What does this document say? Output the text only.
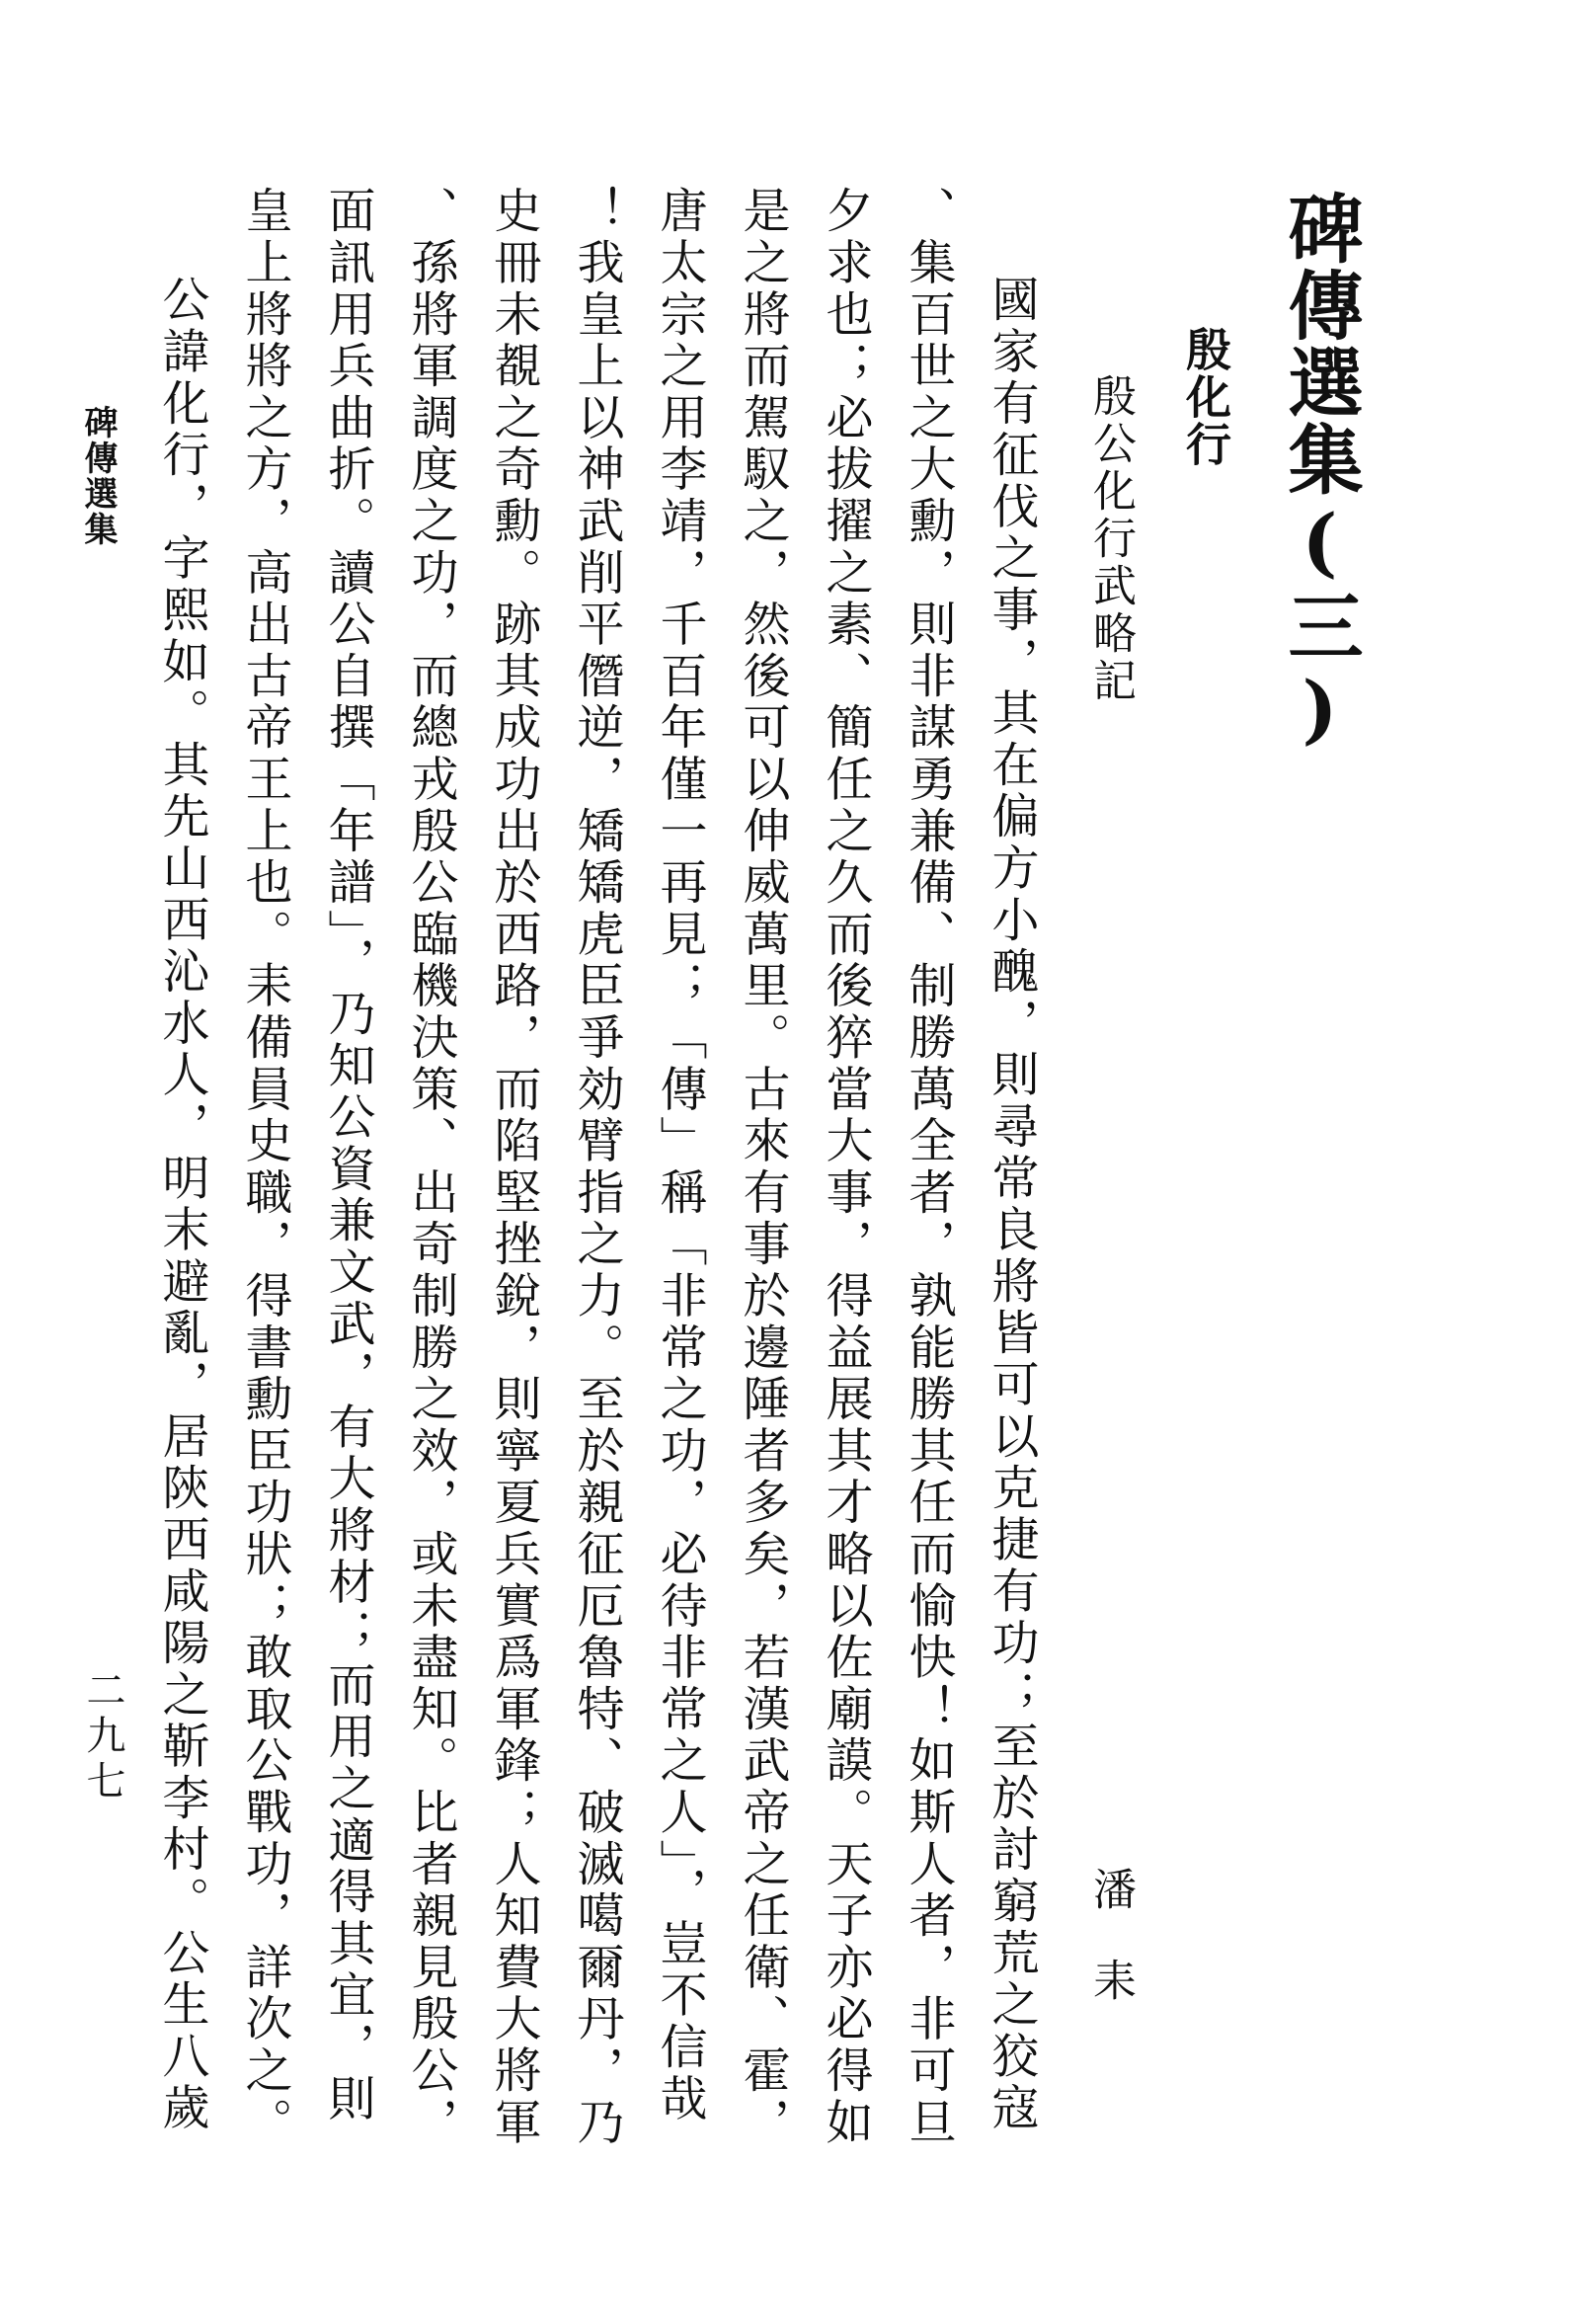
碑傳選集(三)
殷化行
殷公化行武略記
潘耒
國家有征伐之事，其在偏方小醜，則尋常良將皆可以克捷有功；至於討窮荒之狡寇
、集百世之大勳，則非謀勇兼備、制勝萬全者，孰能勝其任而愉快！如斯人者，非可旦
夕求也；必拔擢之素、簡任之久而後猝當大事，得益展其才略以佐廟謨。天子亦必得如
是之將而駕馭之，然後可以伸威萬里。古來有事於邊陲者多矣，若漢武帝之任衛、霍，
唐太宗之用李靖，千百年僅一再見；「傳」稱「非常之功，必待非常之人」，豈不信哉
！我皇上以神武削平僭逆，矯矯虎臣爭効臂指之力。至於親征厄魯特、破滅噶爾丹，乃
史冊未覩之奇勳。跡其成功出於西路，而陷堅挫銳，則寧夏兵實爲軍鋒；人知費大將軍
、孫將軍調度之功，而總戎殷公臨機決策、出奇制勝之效，或未盡知。比者親見殷公，
面訊用兵曲折。讀公自撰「年譜」，乃知公資兼文武，有大將材；而用之適得其宜，則
皇上將將之方，高出古帝王上也。耒備員史職，得書勳臣功狀；敢取公戰功，詳次之。
公諱化行，字熙如。其先山西沁水人，明末避亂，居陝西咸陽之靳李村。公生八歲
碑傳選集
二九七
